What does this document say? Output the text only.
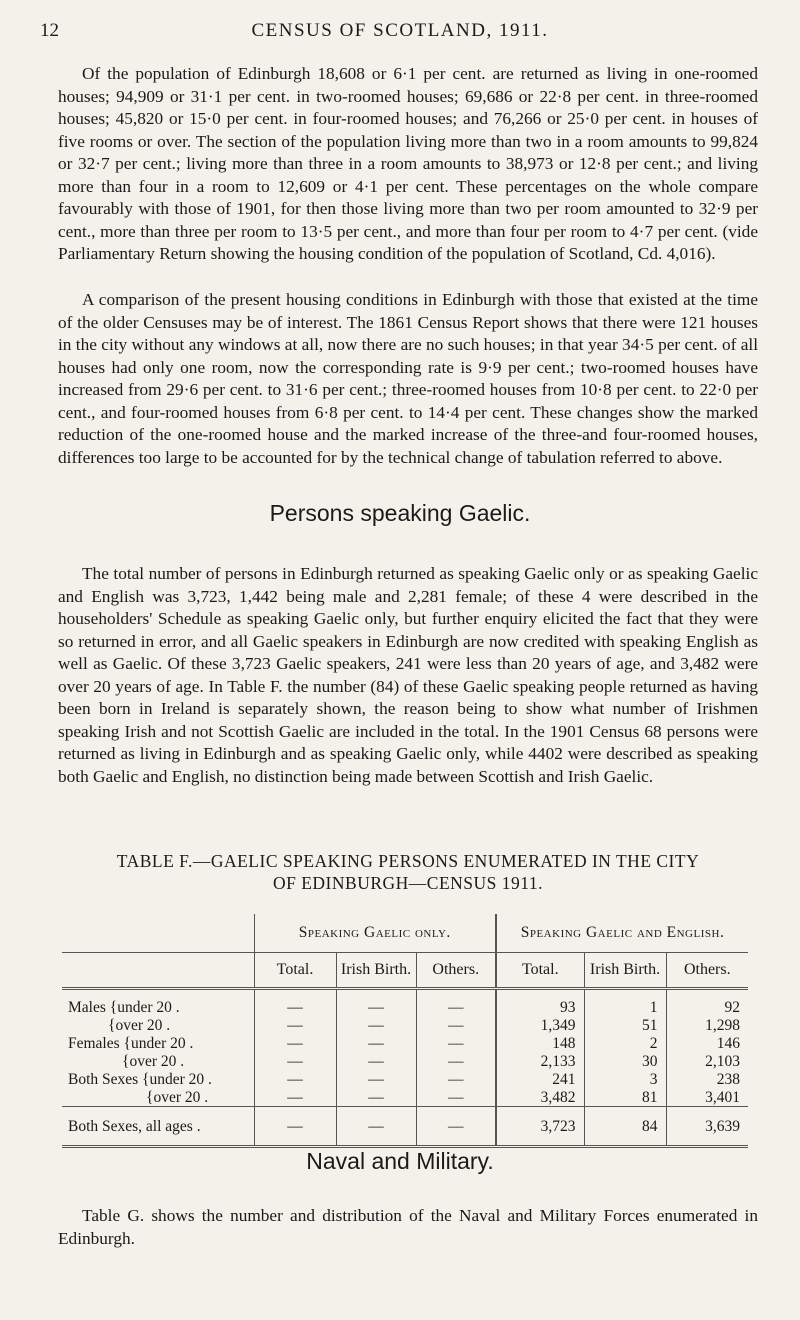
12	CENSUS OF SCOTLAND, 1911.

Of the population of Edinburgh 18,608 or 6·1 per cent. are returned as living in one-roomed houses; 94,909 or 31·1 per cent. in two-roomed houses; 69,686 or 22·8 per cent. in three-roomed houses; 45,820 or 15·0 per cent. in four-roomed houses; and 76,266 or 25·0 per cent. in houses of five rooms or over. The section of the population living more than two in a room amounts to 99,824 or 32·7 per cent.; living more than three in a room amounts to 38,973 or 12·8 per cent.; and living more than four in a room to 12,609 or 4·1 per cent. These percentages on the whole compare favourably with those of 1901, for then those living more than two per room amounted to 32·9 per cent., more than three per room to 13·5 per cent., and more than four per room to 4·7 per cent. (vide Parliamentary Return showing the housing condition of the population of Scotland, Cd. 4,016).

A comparison of the present housing conditions in Edinburgh with those that existed at the time of the older Censuses may be of interest. The 1861 Census Report shows that there were 121 houses in the city without any windows at all, now there are no such houses; in that year 34·5 per cent. of all houses had only one room, now the corresponding rate is 9·9 per cent.; two-roomed houses have increased from 29·6 per cent. to 31·6 per cent.; three-roomed houses from 10·8 per cent. to 22·0 per cent., and four-roomed houses from 6·8 per cent. to 14·4 per cent. These changes show the marked reduction of the one-roomed house and the marked increase of the three-and four-roomed houses, differences too large to be accounted for by the technical change of tabulation referred to above.

Persons speaking Gaelic.

The total number of persons in Edinburgh returned as speaking Gaelic only or as speaking Gaelic and English was 3,723, 1,442 being male and 2,281 female; of these 4 were described in the householders' Schedule as speaking Gaelic only, but further enquiry elicited the fact that they were so returned in error, and all Gaelic speakers in Edinburgh are now credited with speaking English as well as Gaelic. Of these 3,723 Gaelic speakers, 241 were less than 20 years of age, and 3,482 were over 20 years of age. In Table F. the number (84) of these Gaelic speaking people returned as having been born in Ireland is separately shown, the reason being to show what number of Irishmen speaking Irish and not Scottish Gaelic are included in the total. In the 1901 Census 68 persons were returned as living in Edinburgh and as speaking Gaelic only, while 4402 were described as speaking both Gaelic and English, no distinction being made between Scottish and Irish Gaelic.

TABLE F.—GAELIC SPEAKING PERSONS ENUMERATED IN THE CITY
OF EDINBURGH—CENSUS 1911.
	Speaking Gaelic only.			Speaking Gaelic and English.		
	Total.	Irish Birth.	Others.	Total.	Irish Birth.	Others.
Males {under 20 .	—	—	—	93	1	92
{over 20 .	—	—	—	1,349	51	1,298
Females {under 20 .	—	—	—	148	2	146
{over 20 .	—	—	—	2,133	30	2,103
Both Sexes {under 20 .	—	—	—	241	3	238
{over 20 .	—	—	—	3,482	81	3,401
Both Sexes, all ages .	—	—	—	3,723	84	3,639

Naval and Military.

Table G. shows the number and distribution of the Naval and Military Forces enumerated in Edinburgh.
